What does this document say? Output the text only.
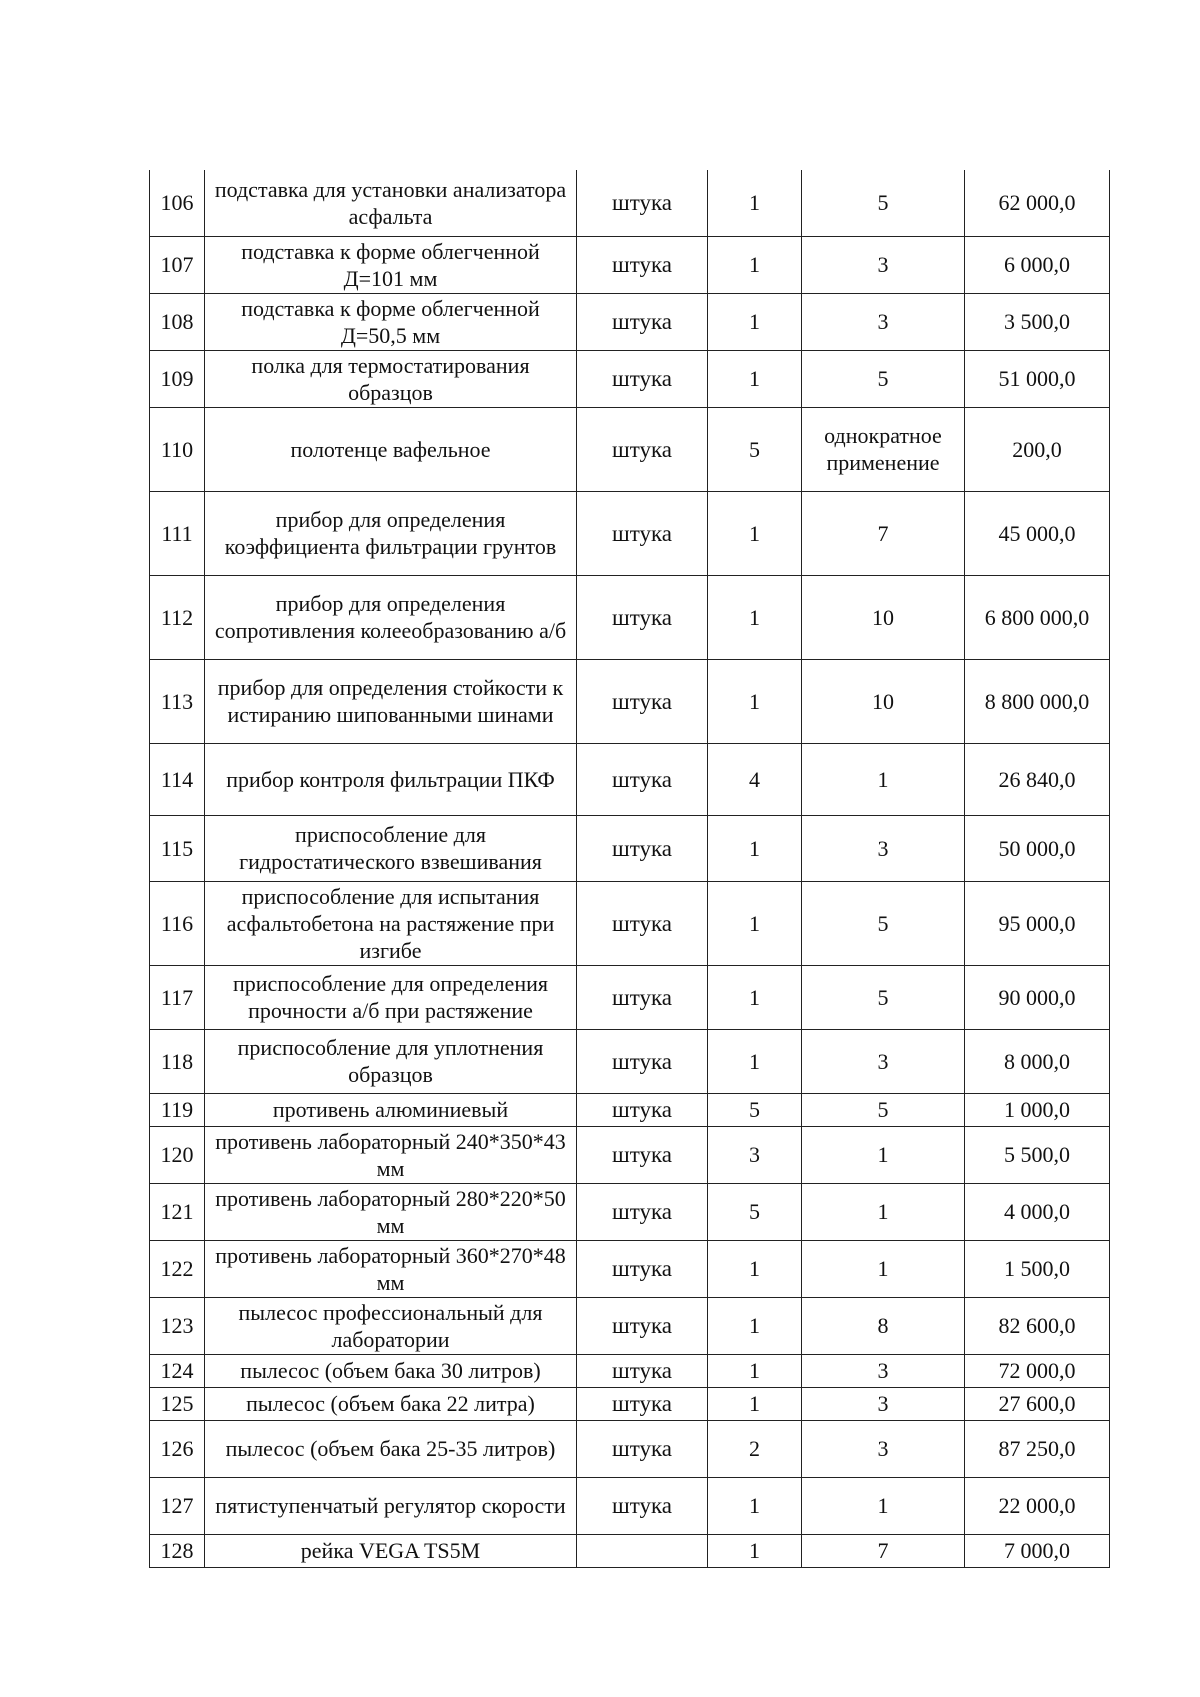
106	подставка для установки анализатора асфальта	штука	1	5	62 000,0
107	подставка к форме облегченной Д=101 мм	штука	1	3	6 000,0
108	подставка к форме облегченной Д=50,5 мм	штука	1	3	3 500,0
109	полка для термостатирования образцов	штука	1	5	51 000,0
110	полотенце вафельное	штука	5	однократное применение	200,0
111	прибор для определения коэффициента фильтрации грунтов	штука	1	7	45 000,0
112	прибор для определения сопротивления колееобразованию а/б	штука	1	10	6 800 000,0
113	прибор для определения стойкости к истиранию шипованными шинами	штука	1	10	8 800 000,0
114	прибор контроля фильтрации ПКФ	штука	4	1	26 840,0
115	приспособление для гидростатического взвешивания	штука	1	3	50 000,0
116	приспособление для испытания асфальтобетона на растяжение при изгибе	штука	1	5	95 000,0
117	приспособление для определения прочности а/б при растяжение	штука	1	5	90 000,0
118	приспособление для уплотнения образцов	штука	1	3	8 000,0
119	противень алюминиевый	штука	5	5	1 000,0
120	противень лабораторный 240*350*43 мм	штука	3	1	5 500,0
121	противень лабораторный 280*220*50 мм	штука	5	1	4 000,0
122	противень лабораторный 360*270*48 мм	штука	1	1	1 500,0
123	пылесос профессиональный для лаборатории	штука	1	8	82 600,0
124	пылесос (объем бака 30 литров)	штука	1	3	72 000,0
125	пылесос (объем бака 22 литра)	штука	1	3	27 600,0
126	пылесос (объем бака 25-35 литров)	штука	2	3	87 250,0
127	пятиступенчатый регулятор скорости	штука	1	1	22 000,0
128	рейка VEGA TS5M		1	7	7 000,0
